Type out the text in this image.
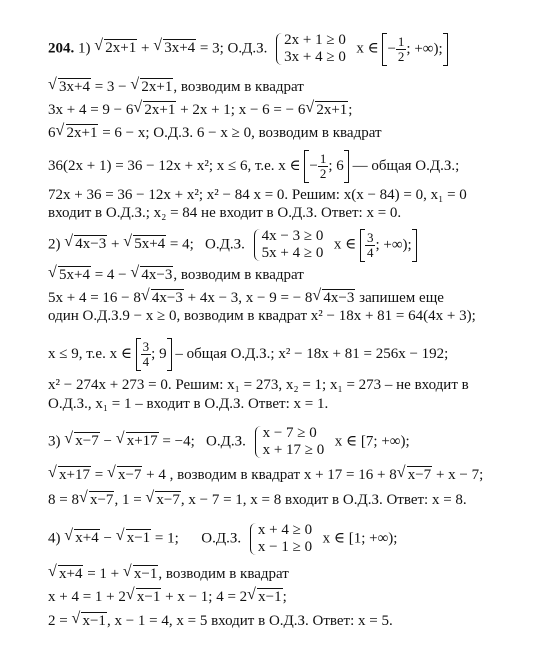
204. 1) √ 2x+1 + √ 3x+4 = 3; О.Д.З.
2x + 1 ≥ 0
3x + 4 ≥ 0
x ∈ − $\frac{1}{2}$ ; +∞);
√ 3x+4 = 3 − √ 2x+1, возводим в квадрат
3x + 4 = 9 − 6 √ 2x+1 + 2x + 1; x − 6 = − 6 √ 2x+1;
6 √ 2x+1 = 6 − x; О.Д.З. 6 − x ≥ 0, возводим в квадрат
36(2x + 1) = 36 − 12x + x²; x ≤ 6, т.е. x ∈ − $\frac{1}{2}$ ; 6 — общая О.Д.З.;
72x + 36 = 36 − 12x + x²; x² − 84 x = 0. Решим: x(x − 84) = 0, x₁ = 0
входит в О.Д.З.; x₂ = 84 не входит в О.Д.З. Ответ: x = 0.
2) √ 4x−3 + √ 5x+4 = 4; О.Д.З.
4x − 3 ≥ 0
5x + 4 ≥ 0
x ∈ $\frac{3}{4}$ ; +∞);
√ 5x+4 = 4 − √ 4x−3, возводим в квадрат
5x + 4 = 16 − 8 √ 4x−3 + 4x − 3, x − 9 = − 8 √ 4x−3 запишем еще
один О.Д.З.9 − x ≥ 0, возводим в квадрат x² − 18x + 81 = 64(4x + 3);
x ≤ 9, т.е. x ∈ $\frac{3}{4}$ ; 9 – общая О.Д.З.; x² − 18x + 81 = 256x − 192;
x² − 274x + 273 = 0. Решим: x₁ = 273, x₂ = 1; x₁ = 273 – не входит в
О.Д.З., x₁ = 1 – входит в О.Д.З. Ответ: x = 1.
3) √ x−7 − √ x+17 = −4; О.Д.З.
x − 7 ≥ 0
x + 17 ≥ 0
x ∈ [7; +∞);
√ x+17 = √ x−7 + 4 , возводим в квадрат x + 17 = 16 + 8 √ x−7 + x − 7;
8 = 8 √ x−7, 1 = √ x−7, x − 7 = 1, x = 8 входит в О.Д.З. Ответ: x = 8.
4) √ x+4 − √ x−1 = 1; О.Д.З.
x + 4 ≥ 0
x − 1 ≥ 0
x ∈ [1; +∞);
√ x+4 = 1 + √ x−1, возводим в квадрат
x + 4 = 1 + 2 √ x−1 + x − 1; 4 = 2 √ x−1;
2 = √ x−1, x − 1 = 4, x = 5 входит в О.Д.З. Ответ: x = 5.
